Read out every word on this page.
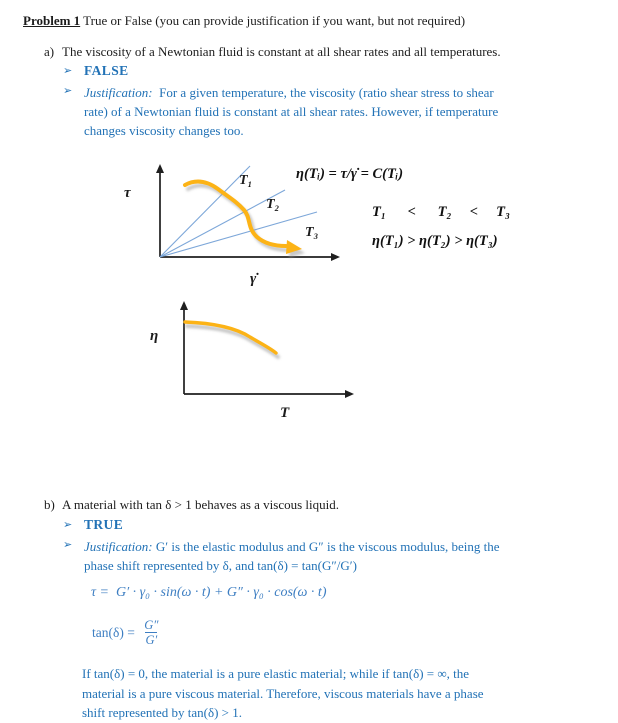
Problem 1 True or False (you can provide justification if you want, but not required)

a) The viscosity of a Newtonian fluid is constant at all shear rates and all temperatures.
➢ FALSE
➢ Justification:  For a given temperature, the viscosity (ratio shear stress to shear
rate) of a Newtonian fluid is constant at all shear rates. However, if temperature
changes viscosity changes too.
τ
γ̇
T₁
T₂
T₃
η(Tᵢ) = τ/γ̇ = C(Tᵢ)
T₁      <      T₂     <     T₃
η(T₁) > η(T₂) > η(T₃)
η
T
b) A material with tan δ > 1 behaves as a viscous liquid.
➢ TRUE
➢ Justification: G′ is the elastic modulus and G″ is the viscous modulus, being the
phase shift represented by δ, and tan(δ) = tan(G″/G′)
τ =  G′ · γ₀ · sin(ω · t) + G″ · γ₀ · cos(ω · t)
$\tan(\delta) = \frac{G''}{G'}$
If tan(δ) = 0, the material is a pure elastic material; while if tan(δ) = ∞, the
material is a pure viscous material. Therefore, viscous materials have a phase
shift represented by tan(δ) > 1.
